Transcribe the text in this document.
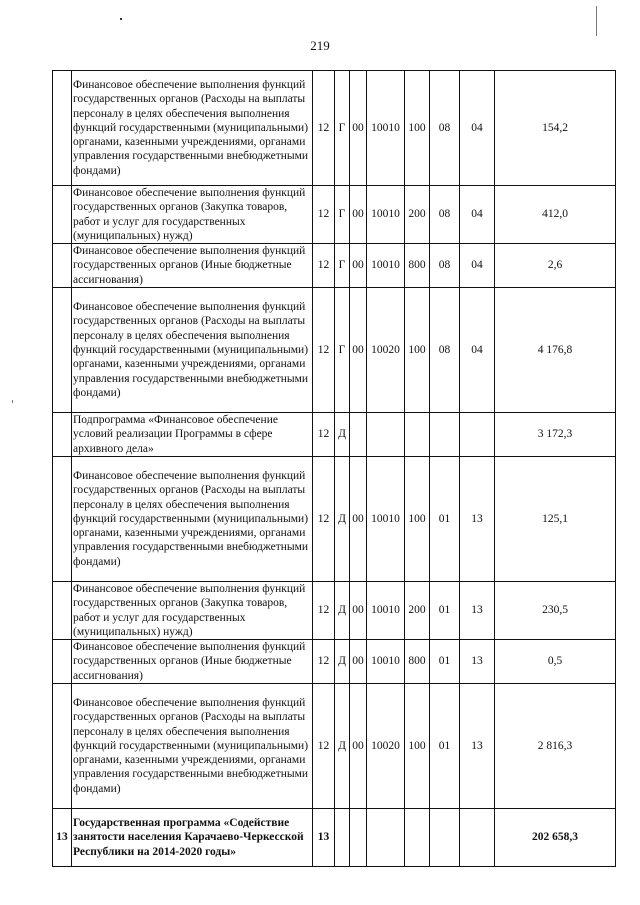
219
	Финансовое обеспечение выполнения функций государственных органов (Расходы на выплаты персоналу в целях обеспечения выполнения функций государственными (муниципальными) органами, казенными учреждениями, органами управления государственными внебюджетными фондами)	12	Г	00	10010	100	08	04	154,2
	Финансовое обеспечение выполнения функций государственных органов (Закупка товаров, работ и услуг для государственных (муниципальных) нужд)	12	Г	00	10010	200	08	04	412,0
	Финансовое обеспечение выполнения функций государственных органов (Иные бюджетные ассигнования)	12	Г	00	10010	800	08	04	2,6
	Финансовое обеспечение выполнения функций государственных органов (Расходы на выплаты персоналу в целях обеспечения выполнения функций государственными (муниципальными) органами, казенными учреждениями, органами управления государственными внебюджетными фондами)	12	Г	00	10020	100	08	04	4 176,8
	Подпрограмма «Финансовое обеспечение условий реализации Программы в сфере архивного дела»	12	Д						3 172,3
	Финансовое обеспечение выполнения функций государственных органов (Расходы на выплаты персоналу в целях обеспечения выполнения функций государственными (муниципальными) органами, казенными учреждениями, органами управления государственными внебюджетными фондами)	12	Д	00	10010	100	01	13	125,1
	Финансовое обеспечение выполнения функций государственных органов (Закупка товаров, работ и услуг для государственных (муниципальных) нужд)	12	Д	00	10010	200	01	13	230,5
	Финансовое обеспечение выполнения функций государственных органов (Иные бюджетные ассигнования)	12	Д	00	10010	800	01	13	0,5
	Финансовое обеспечение выполнения функций государственных органов (Расходы на выплаты персоналу в целях обеспечения выполнения функций государственными (муниципальными) органами, казенными учреждениями, органами управления государственными внебюджетными фондами)	12	Д	00	10020	100	01	13	2 816,3
13	Государственная программа «Содействие занятости населения Карачаево-Черкесской Республики на 2014-2020 годы»	13							202 658,3
